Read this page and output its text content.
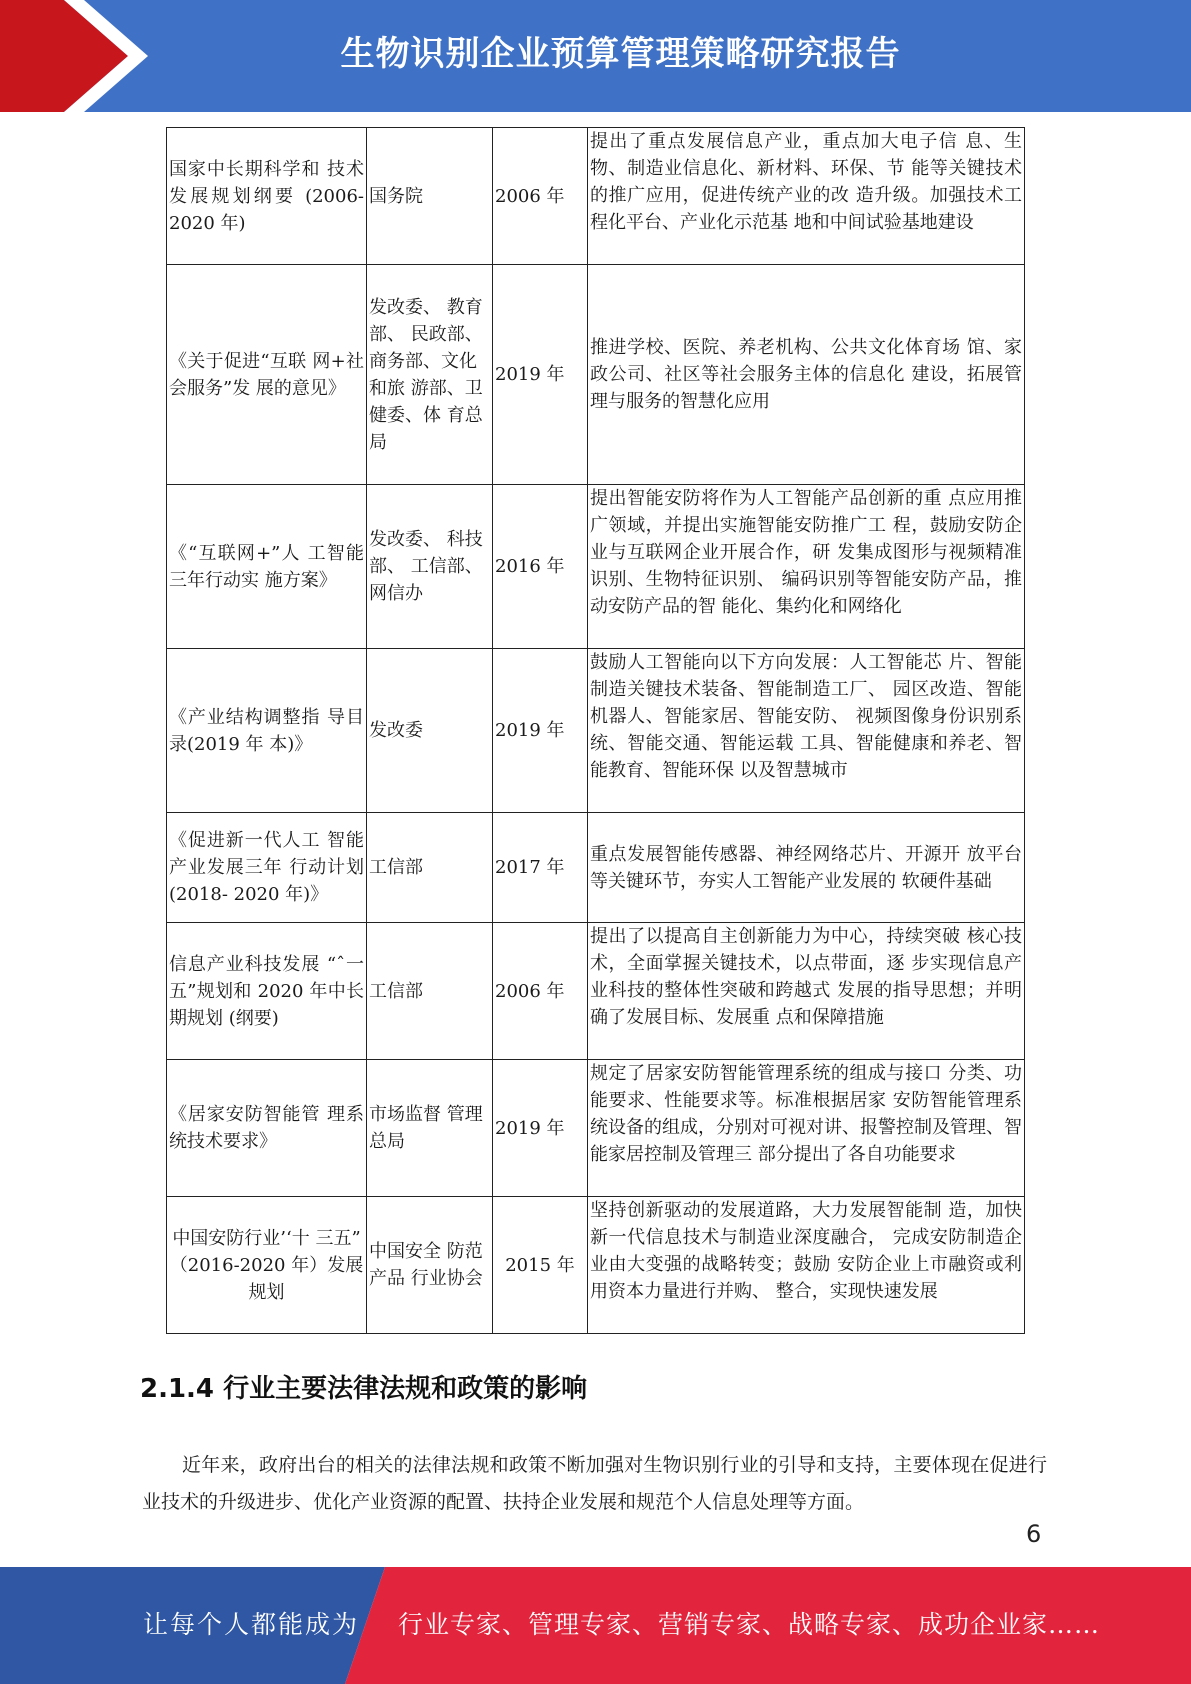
生物识别企业预算管理策略研究报告
国家中长期科学和 技术发展规划纲要 (2006-2020 年)	国务院	2006 年	提出了重点发展信息产业，重点加大电子信 息、生物、制造业信息化、新材料、环保、节 能等关键技术的推广应用，促进传统产业的改 造升级。加强技术工程化平台、产业化示范基 地和中间试验基地建设
《关于促进“互联 网+社会服务”发 展的意见》	发改委、 教育部、 民政部、 商务部、文化和旅 游部、卫 健委、体 育总局	2019 年	推进学校、医院、养老机构、公共文化体育场 馆、家政公司、社区等社会服务主体的信息化 建设，拓展管理与服务的智慧化应用
《“互联网+”人 工智能三年行动实 施方案》	发改委、 科技部、 工信部、 网信办	2016 年	提出智能安防将作为人工智能产品创新的重 点应用推广领域，并提出实施智能安防推广工 程，鼓励安防企业与互联网企业开展合作，研 发集成图形与视频精准识别、生物特征识别、 编码识别等智能安防产品，推动安防产品的智 能化、集约化和网络化
《产业结构调整指 导目录(2019 年 本)》	发改委	2019 年	鼓励人工智能向以下方向发展：人工智能芯 片、智能制造关键技术装备、智能制造工厂、 园区改造、智能机器人、智能家居、智能安防、 视频图像身份识别系统、智能交通、智能运载 工具、智能健康和养老、智能教育、智能环保 以及智慧城市
《促进新一代人工 智能产业发展三年 行动计划(2018- 2020 年)》	工信部	2017 年	重点发展智能传感器、神经网络芯片、开源开 放平台等关键环节，夯实人工智能产业发展的 软硬件基础
信息产业科技发展 “ˆ一五”规划和 2020 年中长期规划 (纲要)	工信部	2006 年	提出了以提高自主创新能力为中心，持续突破 核心技术，全面掌握关键技术，以点带面，逐 步实现信息产业科技的整体性突破和跨越式 发展的指导思想；并明确了发展目标、发展重 点和保障措施
《居家安防智能管 理系统技术要求》	市场监督 管理总局	2019 年	规定了居家安防智能管理系统的组成与接口 分类、功能要求、性能要求等。标准根据居家 安防智能管理系统设备的组成，分别对可视对讲、报警控制及管理、智能家居控制及管理三 部分提出了各自功能要求
中国安防行业’‘十 三五” （2016-2020 年）发展规划	中国安全 防范产品 行业协会	2015 年	坚持创新驱动的发展道路，大力发展智能制 造，加快新一代信息技术与制造业深度融合， 完成安防制造企业由大变强的战略转变；鼓励 安防企业上市融资或利用资本力量进行并购、 整合，实现快速发展
2.1.4 行业主要法律法规和政策的影响
近年来，政府出台的相关的法律法规和政策不断加强对生物识别行业的引导和支持，主要体现在促进行业技术的升级进步、优化产业资源的配置、扶持企业发展和规范个人信息处理等方面。
6
让每个人都能成为 行业专家、管理专家、营销专家、战略专家、成功企业家……
